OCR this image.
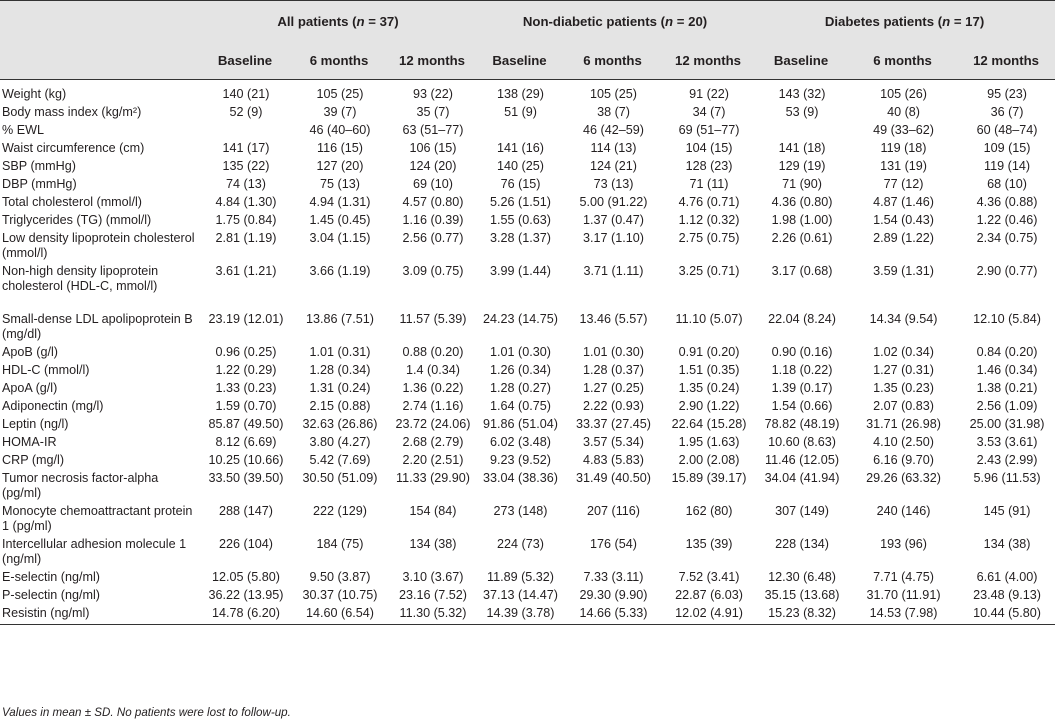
	All patients (n = 37)			Non-diabetic patients (n = 20)			Diabetes patients (n = 17)		
	Baseline	6 months	12 months	Baseline	6 months	12 months	Baseline	6 months	12 months

Weight (kg)	140 (21)	105 (25)	93 (22)	138 (29)	105 (25)	91 (22)	143 (32)	105 (26)	95 (23)
Body mass index (kg/m²)	52 (9)	39 (7)	35 (7)	51 (9)	38 (7)	34 (7)	53 (9)	40 (8)	36 (7)
% EWL		46 (40–60)	63 (51–77)		46 (42–59)	69 (51–77)		49 (33–62)	60 (48–74)
Waist circumference (cm)	141 (17)	116 (15)	106 (15)	141 (16)	114 (13)	104 (15)	141 (18)	119 (18)	109 (15)
SBP (mmHg)	135 (22)	127 (20)	124 (20)	140 (25)	124 (21)	128 (23)	129 (19)	131 (19)	119 (14)
DBP (mmHg)	74 (13)	75 (13)	69 (10)	76 (15)	73 (13)	71 (11)	71 (90)	77 (12)	68 (10)
Total cholesterol (mmol/l)	4.84 (1.30)	4.94 (1.31)	4.57 (0.80)	5.26 (1.51)	5.00 (91.22)	4.76 (0.71)	4.36 (0.80)	4.87 (1.46)	4.36 (0.88)
Triglycerides (TG) (mmol/l)	1.75 (0.84)	1.45 (0.45)	1.16 (0.39)	1.55 (0.63)	1.37 (0.47)	1.12 (0.32)	1.98 (1.00)	1.54 (0.43)	1.22 (0.46)
Low density lipoprotein cholesterol (mmol/l)	2.81 (1.19)	3.04 (1.15)	2.56 (0.77)	3.28 (1.37)	3.17 (1.10)	2.75 (0.75)	2.26 (0.61)	2.89 (1.22)	2.34 (0.75)
Non-high density lipoprotein cholesterol (HDL-C, mmol/l)	3.61 (1.21)	3.66 (1.19)	3.09 (0.75)	3.99 (1.44)	3.71 (1.11)	3.25 (0.71)	3.17 (0.68)	3.59 (1.31)	2.90 (0.77)
Small-dense LDL apolipoprotein B (mg/dl)	23.19 (12.01)	13.86 (7.51)	11.57 (5.39)	24.23 (14.75)	13.46 (5.57)	11.10 (5.07)	22.04 (8.24)	14.34 (9.54)	12.10 (5.84)
ApoB (g/l)	0.96 (0.25)	1.01 (0.31)	0.88 (0.20)	1.01 (0.30)	1.01 (0.30)	0.91 (0.20)	0.90 (0.16)	1.02 (0.34)	0.84 (0.20)
HDL-C (mmol/l)	1.22 (0.29)	1.28 (0.34)	1.4 (0.34)	1.26 (0.34)	1.28 (0.37)	1.51 (0.35)	1.18 (0.22)	1.27 (0.31)	1.46 (0.34)
ApoA (g/l)	1.33 (0.23)	1.31 (0.24)	1.36 (0.22)	1.28 (0.27)	1.27 (0.25)	1.35 (0.24)	1.39 (0.17)	1.35 (0.23)	1.38 (0.21)
Adiponectin (mg/l)	1.59 (0.70)	2.15 (0.88)	2.74 (1.16)	1.64 (0.75)	2.22 (0.93)	2.90 (1.22)	1.54 (0.66)	2.07 (0.83)	2.56 (1.09)
Leptin (ng/l)	85.87 (49.50)	32.63 (26.86)	23.72 (24.06)	91.86 (51.04)	33.37 (27.45)	22.64 (15.28)	78.82 (48.19)	31.71 (26.98)	25.00 (31.98)
HOMA-IR	8.12 (6.69)	3.80 (4.27)	2.68 (2.79)	6.02 (3.48)	3.57 (5.34)	1.95 (1.63)	10.60 (8.63)	4.10 (2.50)	3.53 (3.61)
CRP (mg/l)	10.25 (10.66)	5.42 (7.69)	2.20 (2.51)	9.23 (9.52)	4.83 (5.83)	2.00 (2.08)	11.46 (12.05)	6.16 (9.70)	2.43 (2.99)
Tumor necrosis factor-alpha (pg/ml)	33.50 (39.50)	30.50 (51.09)	11.33 (29.90)	33.04 (38.36)	31.49 (40.50)	15.89 (39.17)	34.04 (41.94)	29.26 (63.32)	5.96 (11.53)
Monocyte chemoattractant protein 1 (pg/ml)	288 (147)	222 (129)	154 (84)	273 (148)	207 (116)	162 (80)	307 (149)	240 (146)	145 (91)
Intercellular adhesion molecule 1 (ng/ml)	226 (104)	184 (75)	134 (38)	224 (73)	176 (54)	135 (39)	228 (134)	193 (96)	134 (38)
E-selectin (ng/ml)	12.05 (5.80)	9.50 (3.87)	3.10 (3.67)	11.89 (5.32)	7.33 (3.11)	7.52 (3.41)	12.30 (6.48)	7.71 (4.75)	6.61 (4.00)
P-selectin (ng/ml)	36.22 (13.95)	30.37 (10.75)	23.16 (7.52)	37.13 (14.47)	29.30 (9.90)	22.87 (6.03)	35.15 (13.68)	31.70 (11.91)	23.48 (9.13)
Resistin (ng/ml)	14.78 (6.20)	14.60 (6.54)	11.30 (5.32)	14.39 (3.78)	14.66 (5.33)	12.02 (4.91)	15.23 (8.32)	14.53 (7.98)	10.44 (5.80)
Values in mean ± SD. No patients were lost to follow-up.
